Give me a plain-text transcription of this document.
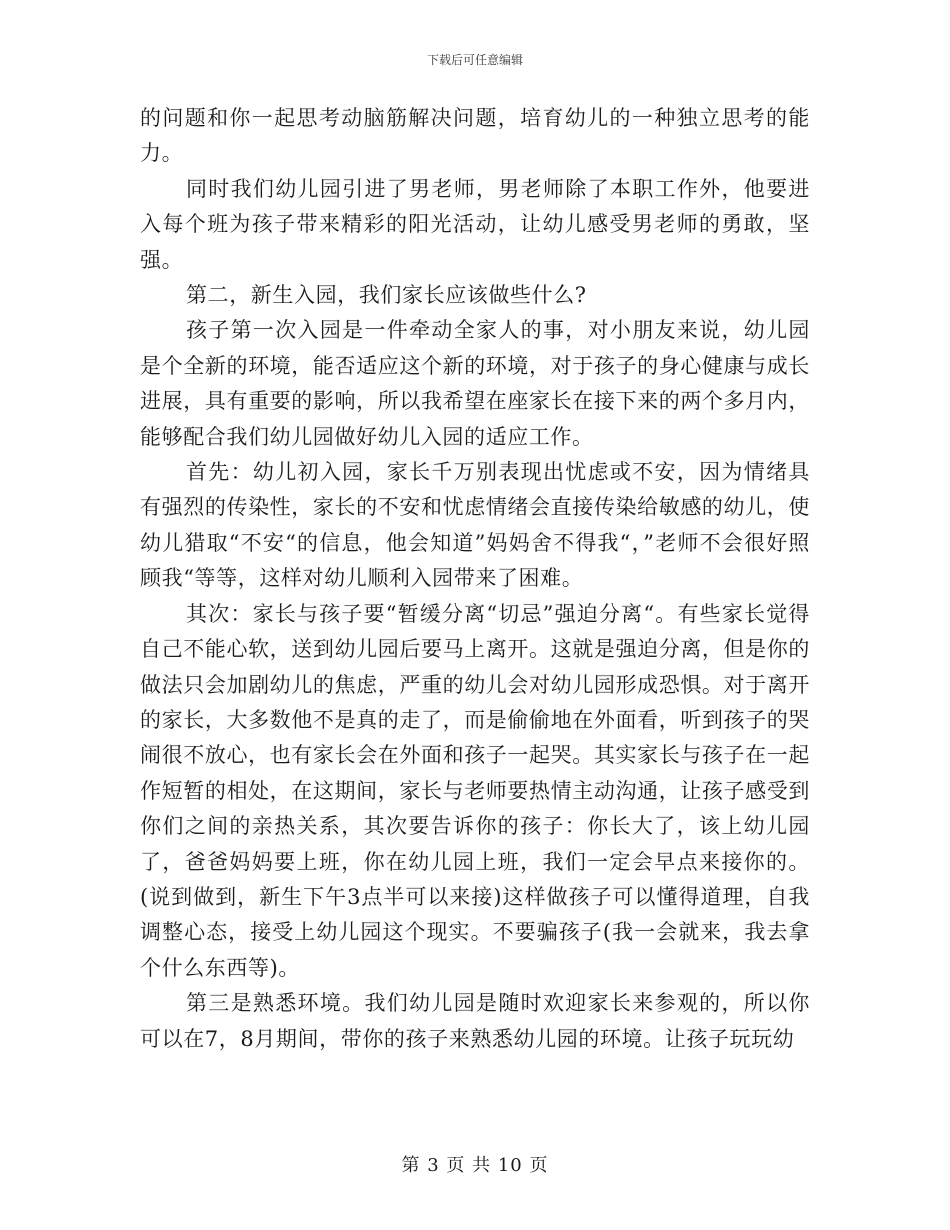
下载后可任意编辑

的问题和你一起思考动脑筋解决问题，培育幼儿的一种独立思考的能力。

同时我们幼儿园引进了男老师，男老师除了本职工作外，他要进入每个班为孩子带来精彩的阳光活动，让幼儿感受男老师的勇敢，坚强。

第二，新生入园，我们家长应该做些什么?

孩子第一次入园是一件牵动全家人的事，对小朋友来说，幼儿园是个全新的环境，能否适应这个新的环境，对于孩子的身心健康与成长进展，具有重要的影响，所以我希望在座家长在接下来的两个多月内，能够配合我们幼儿园做好幼儿入园的适应工作。

首先：幼儿初入园，家长千万别表现出忧虑或不安，因为情绪具有强烈的传染性，家长的不安和忧虑情绪会直接传染给敏感的幼儿，使幼儿猎取“不安“的信息，他会知道”妈妈舍不得我“，”老师不会很好照顾我“等等，这样对幼儿顺利入园带来了困难。

其次：家长与孩子要“暂缓分离“切忌”强迫分离“。有些家长觉得自己不能心软，送到幼儿园后要马上离开。这就是强迫分离，但是你的做法只会加剧幼儿的焦虑，严重的幼儿会对幼儿园形成恐惧。对于离开的家长，大多数他不是真的走了，而是偷偷地在外面看，听到孩子的哭闹很不放心，也有家长会在外面和孩子一起哭。其实家长与孩子在一起作短暂的相处，在这期间，家长与老师要热情主动沟通，让孩子感受到你们之间的亲热关系，其次要告诉你的孩子：你长大了，该上幼儿园了，爸爸妈妈要上班，你在幼儿园上班，我们一定会早点来接你的。(说到做到，新生下午3点半可以来接)这样做孩子可以懂得道理，自我调整心态，接受上幼儿园这个现实。不要骗孩子(我一会就来，我去拿个什么东西等)。

第三是熟悉环境。我们幼儿园是随时欢迎家长来参观的，所以你可以在7，8月期间，带你的孩子来熟悉幼儿园的环境。让孩子玩玩幼

第 3 页 共 10 页
